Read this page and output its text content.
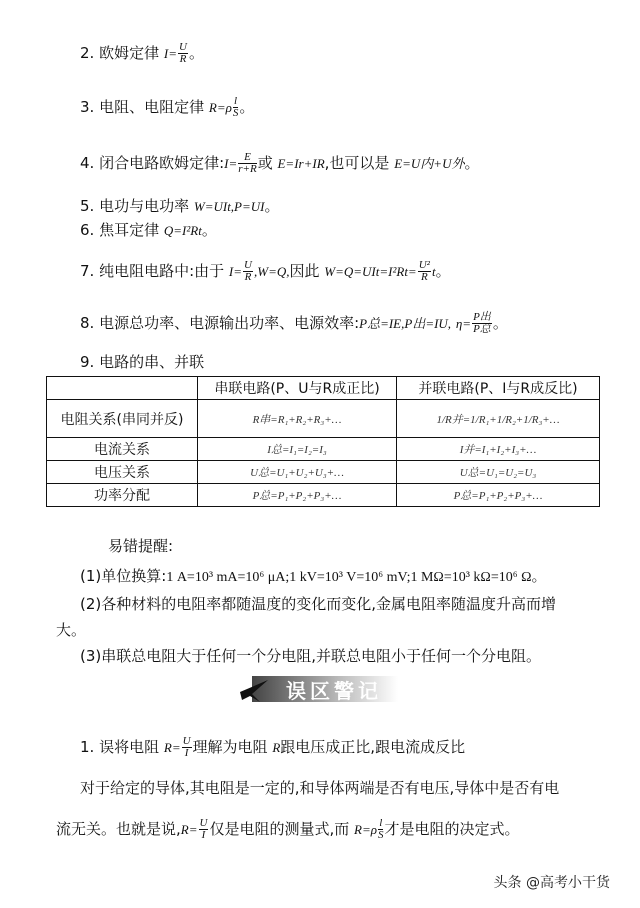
2. 欧姆定律 $I= \frac{U}{R}$ 。
3. 电阻、电阻定律 $R=\rho \frac{l}{S}$ 。
4. 闭合电路欧姆定律:I= $\frac{E}{r+R}$ 或 E=Ir+IR,也可以是 E=U内+U外。
5. 电功与电功率 W=UIt,P=UI。
6. 焦耳定律 Q=I²Rt。
7. 纯电阻电路中:由于 $I= \frac{U}{R} ,W=Q$,因此 $W=Q=UIt=I^2Rt= \frac{\text{U²}}{R}$ t。
8. 电源总功率、电源输出功率、电源效率:P总=IE,P出=IU, $\eta= \frac{\text{P出}}{\text{P总}}$ 。
9. 电路的串、并联
	串联电路(P、U与R成正比)	并联电路(P、I与R成反比)
电阻关系(串同并反)	R串=R₁+R₂+R₃+…	1/R并=1/R₁+1/R₂+1/R₃+…
电流关系	I总=I₁=I₂=I₃	I并=I₁+I₂+I₃+…
电压关系	U总=U₁+U₂+U₃+…	U总=U₁=U₂=U₃
功率分配	P总=P₁+P₂+P₃+…	P总=P₁+P₂+P₃+…
易错提醒:
(1)单位换算:1 A=10³ mA=10⁶ μA;1 kV=10³ V=10⁶ mV;1 MΩ=10³ kΩ=10⁶ Ω。
(2)各种材料的电阻率都随温度的变化而变化,金属电阻率随温度升高而增
大。
(3)串联总电阻大于任何一个分电阻,并联总电阻小于任何一个分电阻。
误区警记
1. 误将电阻 $R= \frac{U}{I}$ 理解为电阻 R跟电压成正比,跟电流成反比
对于给定的导体,其电阻是一定的,和导体两端是否有电压,导体中是否有电
流无关。也就是说$,R= \frac{U}{I}$ 仅是电阻的测量式,而 $R=\rho \frac{l}{S}$ 才是电阻的决定式。
头条 @高考小干货
